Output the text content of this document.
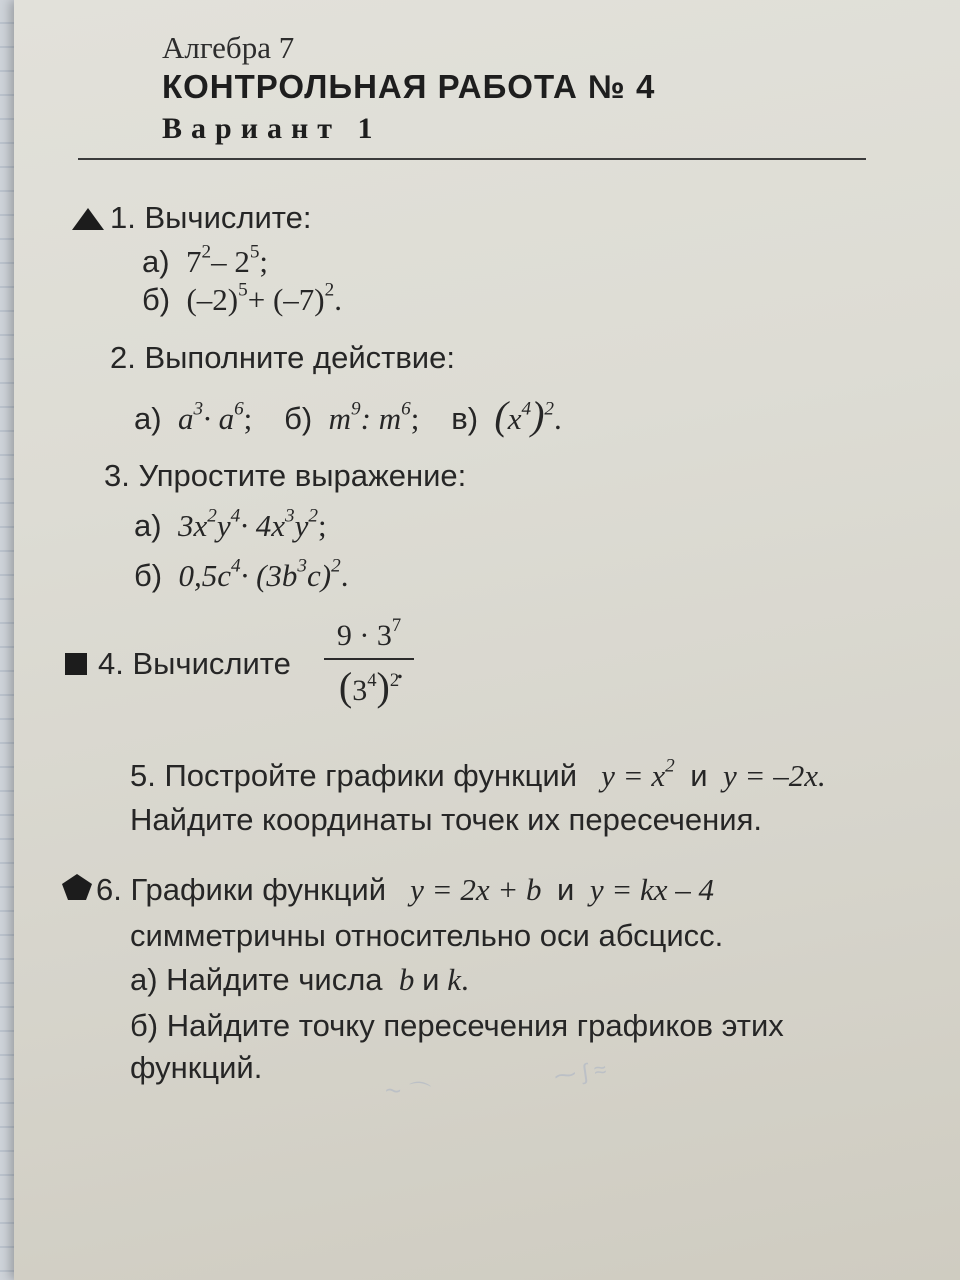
Алгебра 7
КОНТРОЛЬНАЯ РАБОТА № 4
Вариант 1
1. Вычислите:
а)  $7^2-$ $2^5$;
б)  $(-2)^5+ (-7)^2$.
2. Выполните действие:
а)  $a^3\cdot a^6$;    б)  $m^9$: $m^6$;    в) $(x^4)^2$.
3. Упростите выражение:
а)  $3x^2y^4\cdot 4x^3y^2$;
б)  $0,5c^4\cdot (3b^3c)^2$.
4. Вычислите
$9 \cdot 3^7$
$(3^4)^2$
.
5. Постройте графики функций   $y = x^2$ и  y = –2x.
Найдите координаты точек их пересечения.
6. Графики функций   y = 2x + b  и  y = kx – 4
симметричны относительно оси абсцисс.
а) Найдите числа  b и k.
б) Найдите точку пересечения графиков этих
функций.	⁓ ∫ ≈
∼ ⌒
